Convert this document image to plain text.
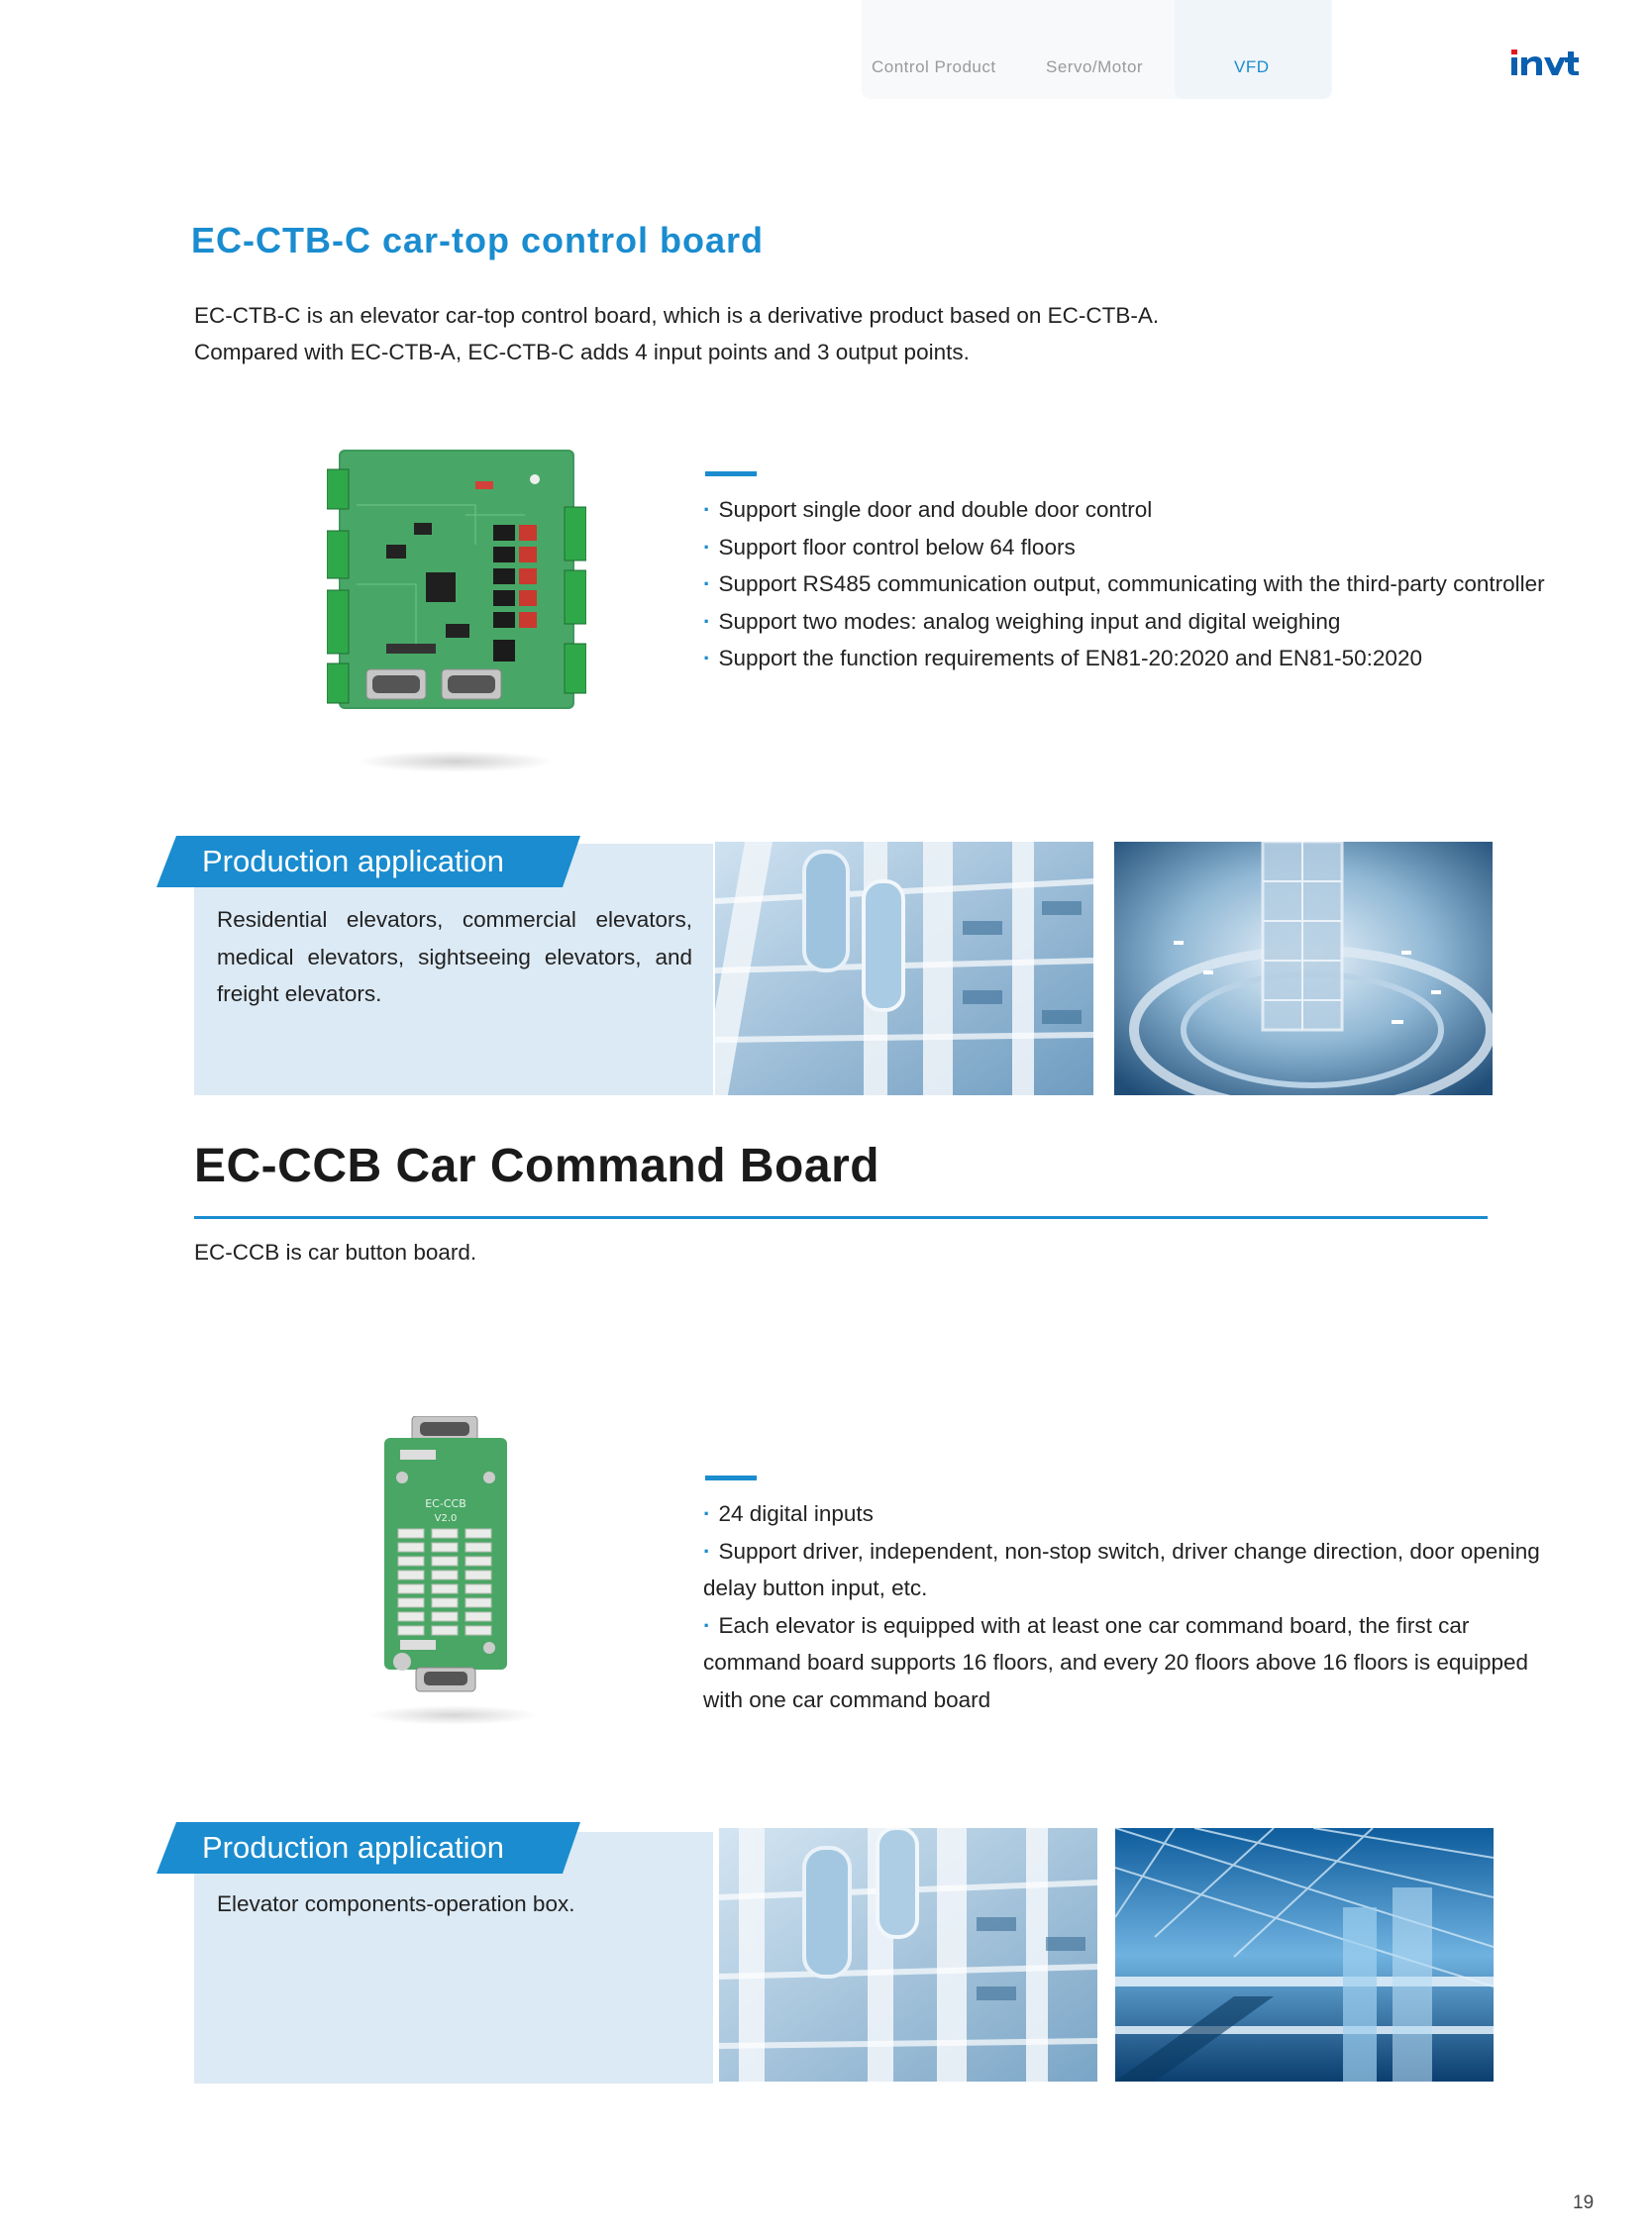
Control Product	Servo/Motor	VFD
EC-CTB-C car-top control board
EC-CTB-C is an elevator car-top control board, which is a derivative product based on EC-CTB-A.
Compared with EC-CTB-A, EC-CTB-C adds 4 input points and 3 output points.
· Support single door and double door control
· Support floor control below 64 floors
· Support RS485 communication output, communicating with the third-party controller
· Support two modes: analog weighing input and digital weighing
· Support the function requirements of EN81-20:2020 and EN81-50:2020
Production application
Residential elevators, commercial elevators, medical elevators, sightseeing elevators, and freight elevators.
EC-CCB Car Command Board
EC-CCB is car button board.
EC-CCB
V2.0	· 24 digital inputs
· Support driver, independent, non-stop switch, driver change direction, door opening delay button input, etc.
· Each elevator is equipped with at least one car command board, the first car command board supports 16 floors, and every 20 floors above 16 floors is equipped with one car command board
Production application
Elevator components-operation box.
19
